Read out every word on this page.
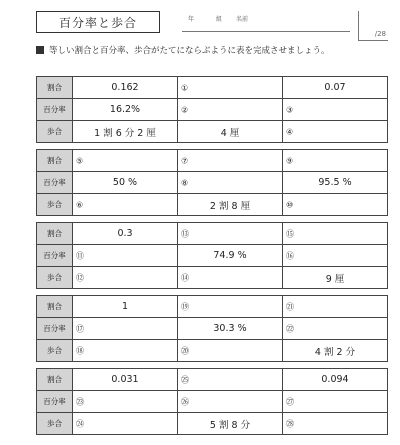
百分率と歩合	年	組 名前
/28
等しい割合と百分率、歩合がたてにならぶように表を完成させましょう。
割合	0.162	①	0.07

百分率	16.2%	②	③

歩合	1 割 6 分 2 厘	4 厘	④
割合	⑤	⑦	⑨

百分率	50 %	⑧	95.5 %

歩合	⑥	2 割 8 厘	⑩
割合	0.3	⑬	⑮

百分率	⑪	74.9 %	⑯

歩合	⑫	⑭	9 厘
割合	1	⑲	㉑

百分率	⑰	30.3 %	㉒

歩合	⑱	⑳	4 割 2 分
割合	0.031	㉕	0.094

百分率	㉓	㉖	㉗

歩合	㉔	5 割 8 分	㉘
